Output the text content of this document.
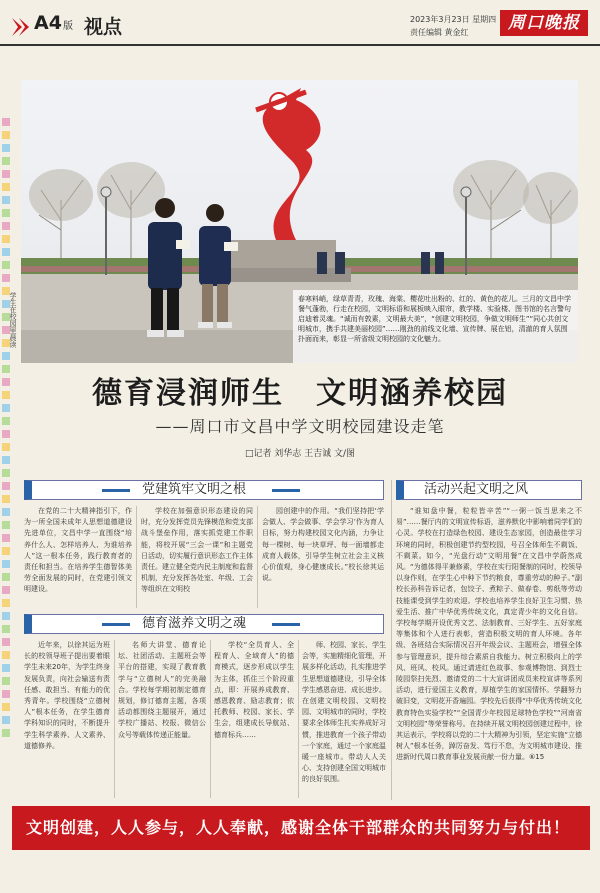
A4版 视点	2023年3月23日 星期四
责任编辑 黄金红	周口晚报
春寒料峭，绿草青青，玫瑰、海棠、樱花吐出粉的、红的、黄色的花儿。三月的文昌中学餐气蓬勃，行走在校园，文明标语和展板映入眼帘，教学楼、实验楼、图书馆的名言警句启迪着灵魂。“诚而有敦素，文明最大美”，“创建文明校园，争做文明师生”“同心共创文明城市，携手共建美丽校园”……刚劲的前线文化墙、宣传牌、展在铝，清澈的育人氛围扑面而来，彰显一所省级文明校园的文化魅力。
学生在校园里晨读
德育浸润师生　文明涵养校园
——周口市文昌中学文明校园建设走笔
□记者 刘华志 王吉诚 文/图
党建筑牢文明之根

在党的二十大精神指引下，作为一所全国未成年人思想道德建设先进单位，文昌中学一直围绕“培养什么人、怎样培养人、为谁培养人”这一根本任务，践行教育者的责任和担当。在培养学生德智体美劳全面发展的同时，在党建引领文明建设。

学校在加强意识形态建设的同时，充分发挥党员先锋模范和党支部战斗堡垒作用，落实抓党建工作职能，将校开展“三会一课”和主题党日活动，切实履行意识形态工作主体责任。建立健全党内民主制度和监督机制，充分发挥各处室、年级、工会等组织在文明校

园创建中的作用。“我们坚持把‘学会做人、学会做事、学会学习’作为育人目标，努力构建校园文化内涵，力争让每一棵树、每一块草坪、每一面墙都走成育人载体，引导学生树立社会主义核心价值观，身心健康成长。”校长徐其运说。

德育滋养文明之魂

近年来，以徐其运为班长的校领导班子提出要着眼学生未来20年，为学生终身发展负责，向社会输送有责任感、敢担当、有能力的优秀青年。学校围绕“立德树人”根本任务，在学生德育学科知识的同时，不断提升学生科学素养、人文素养、道德修养。

名师大讲堂、德育论坛、社团活动、主题班会等平台的搭建，实现了教育教学与“立德树人”的完美融合。学校每学期初制定德育规划，修订德育主题，各项活动都围绕主题展开，通过学校广播站、校报、微信公众号等载体传递正能量。

学校“全员育人、全程育人、全域育人”的德育模式，逐步形成以学生为主体，抓住三个阶段重点，即：开展养成教育、感恩教育、励志教育；依托教师、校园、家长、学生会，组建成长导航站、德育标兵……

师、校园、家长、学生会等，实施精细化管理，开展多样化活动，扎实推进学生思想道德建设，引导全体学生感恩奋进、成长进步。在创建文明校园、文明校园、文明城市的同时，学校要求全体师生扎实养成好习惯，推进教育一个孩子带动一个家庭，通过一个家庭温暖一座城市。带动人人关心、支持创建全国文明城市的良好氛围。

活动兴起文明之风

“谁知盘中餐，粒粒皆辛苦”“一粥一饭当思来之不易”……餐厅内的文明宣传标语，滋养默化中影响着同学们的心灵。学校在打造绿色校园、建设生态家园，创造最佳学习环境的同时，积极创建节约型校园，号召全体师生不剩饭、不剩菜。如今，“光盘行动”文明用餐”在文昌中学蔚然成风。“为德体得平兼修素，学校在实行阳餐制的同时，校领导以身作则，在学生心中种下节约粮食，尊重劳动的种子。”副校长孙科告诉记者，包饺子、煮粽子、做春卷、剪纸等劳动技能课受到学生的欢迎。学校也培养学生良好卫生习惯、热爱生活、推广中华优秀传统文化，真定青少年的文化自信。学校每学期开设优秀文艺、法制教育、三好学生、五好家庭等集体和个人进行表彰，营造积极文明的育人环境。各年级、各班结合实际情况召开年级会议、主题班会，增强全体参与管理意识，提升综合素质自我能力。树立积极向上的学风、班风、校风。通过请进红色故事、参观博物馆、到烈士陵园祭扫先烈、邀请党的二十大宣讲团成员来校宣讲等系列活动，进行爱国主义教育，厚植学生的家国情怀。学翻努力破旧变，文明花开香遍园。学校先后获得“中华优秀传统文化教育特色实验学校”“全国青少年校园足球特色学校”“河南省文明校园”等荣誉称号。在持续开展文明校园创建过程中，徐其运表示，学校将以党的二十大精神为引领，坚定实施“立德树人”根本任务，踔厉奋发、笃行不怠，为文明城市建设、推进新时代周口教育事业发展贡献一份力量。⑥15

文明创建，人人参与，人人奉献，感谢全体干部群众的共同努力与付出！
